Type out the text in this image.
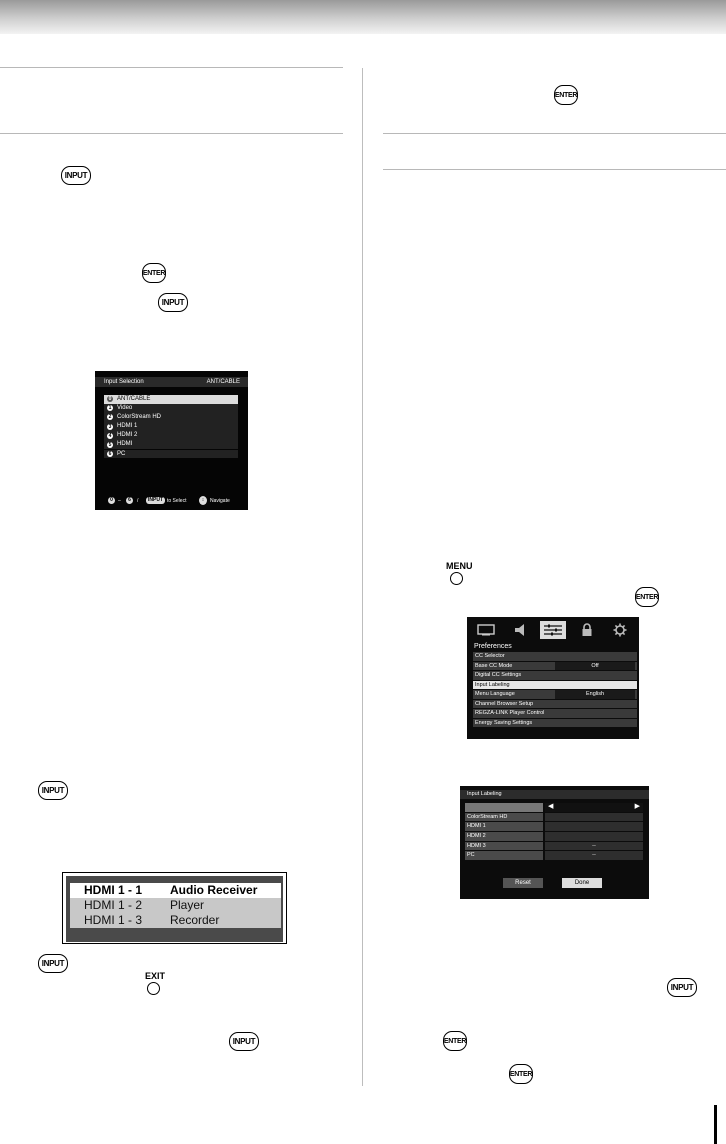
INPUT
ENTER
INPUT
INPUT
INPUT
EXIT
INPUT
ENTER
MENU
ENTER
INPUT
ENTER
ENTER
Input Selection	ANT/CABLE
0 ANT/CABLE
1 Video
2 ColorStream HD
3 HDMI 1
4 HDMI 2
5 HDMI
6 PC
0	–	6	/	INPUT to Select	↕	Navigate
HDMI 1 - 1 Audio Receiver
HDMI 1 - 2 Player
HDMI 1 - 3 Recorder
Preferences
CC Selector
Base CC Mode	Off
Digital CC Settings
Input Labeling
Menu Language	English
Channel Browser Setup
REGZA-LINK Player Control
Energy Saving Settings
Input Labeling
◀	▶
ColorStream HD
HDMI 1
HDMI 2
HDMI 3	--
PC	--
Reset	Done
